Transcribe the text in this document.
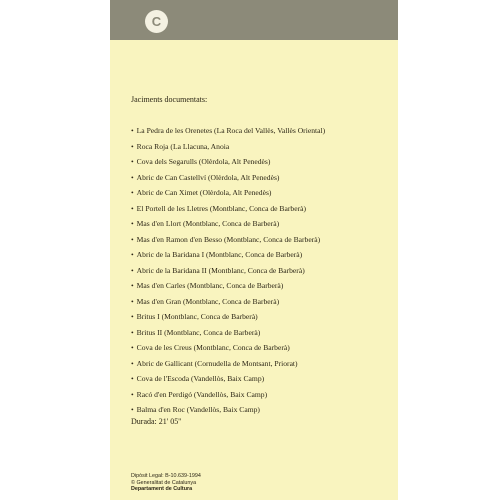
C
Jaciments documentats:
• La Pedra de les Orenetes (La Roca del Vallès, Vallès Oriental)
• Roca Roja (La Llacuna, Anoia
• Cova dels Segarulls (Olèrdola, Alt Penedès)
• Abric de Can Castellví (Olèrdola, Alt Penedès)
• Abric de Can Ximet (Olèrdola, Alt Penedès)
• El Portell de les Lletres (Montblanc, Conca de Barberà)
• Mas d'en Llort (Montblanc, Conca de Barberà)
• Mas d'en Ramon d'en Besso (Montblanc, Conca de Barberà)
• Abric de la Baridana I (Montblanc, Conca de Barberà)
• Abric de la Baridana II (Montblanc, Conca de Barberà)
• Mas d'en Carles (Montblanc, Conca de Barberà)
• Mas d'en Gran (Montblanc, Conca de Barberà)
• Britus I (Montblanc, Conca de Barberà)
• Britus II (Montblanc, Conca de Barberà)
• Cova de les Creus (Montblanc, Conca de Barberà)
• Abric de Gallicant (Cornudella de Montsant, Priorat)
• Cova de l'Escoda (Vandellòs, Baix Camp)
• Racó d'en Perdigó (Vandellòs, Baix Camp)
• Balma d'en Roc (Vandellòs, Baix Camp)
Durada: 21' 05''
Dipòsit Legal: B-10.639-1994
© Generalitat de Catalunya
Departament de Cultura
